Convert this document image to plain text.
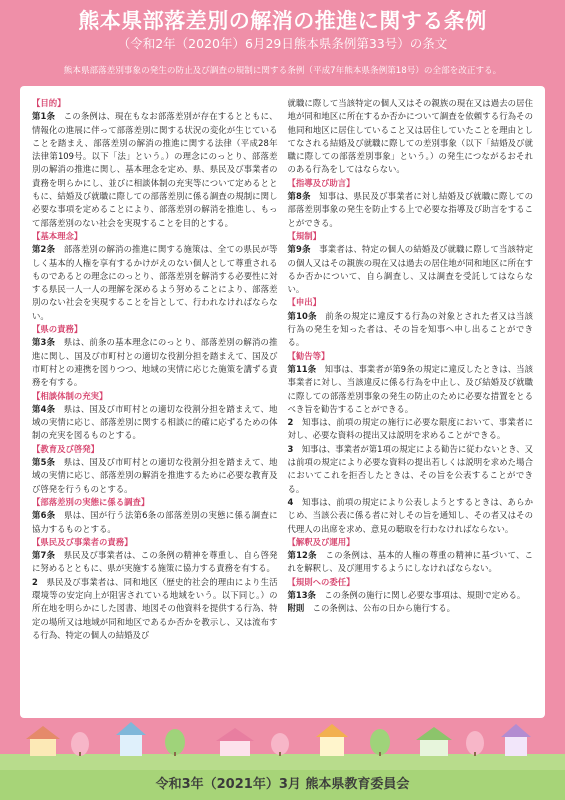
熊本県部落差別の解消の推進に関する条例
（令和2年（2020年）6月29日熊本県条例第33号）の条文
熊本県部落差別事象の発生の防止及び調査の規制に関する条例（平成7年熊本県条例第18号）の全部を改正する。

【目的】

第1条　この条例は、現在もなお部落差別が存在するとともに、情報化の進展に伴って部落差別に関する状況の変化が生じていることを踏まえ、部落差別の解消の推進に関する法律（平成28年法律第109号。以下「法」という。）の理念にのっとり、部落差別の解消の推進に関し、基本理念を定め、県、県民及び事業者の責務を明らかにし、並びに相談体制の充実等について定めるとともに、結婚及び就職に際しての部落差別に係る調査の規制に関し必要な事項を定めることにより、部落差別の解消を推進し、もって部落差別のない社会を実現することを目的とする。

【基本理念】

第2条　部落差別の解消の推進に関する施策は、全ての県民が等しく基本的人権を享有するかけがえのない個人として尊重されるものであるとの理念にのっとり、部落差別を解消する必要性に対する県民一人一人の理解を深めるよう努めることにより、部落差別のない社会を実現することを旨として、行われなければならない。

【県の責務】

第3条　県は、前条の基本理念にのっとり、部落差別の解消の推進に関し、国及び市町村との適切な役割分担を踏まえて、国及び市町村との連携を図りつつ、地域の実情に応じた施策を講ずる責務を有する。

【相談体制の充実】

第4条　県は、国及び市町村との適切な役割分担を踏まえて、地域の実情に応じ、部落差別に関する相談に的確に応ずるための体制の充実を図るものとする。

【教育及び啓発】

第5条　県は、国及び市町村との適切な役割分担を踏まえて、地域の実情に応じ、部落差別の解消を推進するために必要な教育及び啓発を行うものとする。

【部落差別の実態に係る調査】

第6条　県は、国が行う法第6条の部落差別の実態に係る調査に協力するものとする。

【県民及び事業者の責務】

第7条　県民及び事業者は、この条例の精神を尊重し、自ら啓発に努めるとともに、県が実施する施策に協力する責務を有する。

2　県民及び事業者は、同和地区（歴史的社会的理由により生活環境等の安定向上が阻害されている地域をいう。以下同じ。）の所在地を明らかにした図書、地図その他資料を提供する行為、特定の場所又は地域が同和地区であるか否かを教示し、又は流布する行為、特定の個人の結婚及び

就職に際して当該特定の個人又はその親族の現在又は過去の居住地が同和地区に所在するか否かについて調査を依頼する行為その他同和地区に居住していること又は居住していたことを理由としてなされる結婚及び就職に際しての差別事象（以下「結婚及び就職に際しての部落差別事象」という。）の発生につながるおそれのある行為をしてはならない。

【指導及び助言】

第8条　知事は、県民及び事業者に対し結婚及び就職に際しての部落差別事象の発生を防止する上で必要な指導及び助言をすることができる。

【規制】

第9条　事業者は、特定の個人の結婚及び就職に際して当該特定の個人又はその親族の現在又は過去の居住地が同和地区に所在するか否かについて、自ら調査し、又は調査を受託してはならない。

【申出】

第10条　前条の規定に違反する行為の対象とされた者又は当該行為の発生を知った者は、その旨を知事へ申し出ることができる。

【勧告等】

第11条　知事は、事業者が第9条の規定に違反したときは、当該事業者に対し、当該違反に係る行為を中止し、及び結婚及び就職に際しての部落差別事象の発生の防止のために必要な措置をとるべき旨を勧告することができる。

2　知事は、前項の規定の施行に必要な限度において、事業者に対し、必要な資料の提出又は説明を求めることができる。

3　知事は、事業者が第1項の規定による勧告に従わないとき、又は前項の規定により必要な資料の提出若しくは説明を求めた場合においてこれを拒否したときは、その旨を公表することができる。

4　知事は、前項の規定により公表しようとするときは、あらかじめ、当該公表に係る者に対しその旨を通知し、その者又はその代理人の出席を求め、意見の聴取を行わなければならない。

【解釈及び運用】

第12条　この条例は、基本的人権の尊重の精神に基づいて、これを解釈し、及び運用するようにしなければならない。

【規則への委任】

第13条　この条例の施行に関し必要な事項は、規則で定める。

附則　この条例は、公布の日から施行する。

令和3年（2021年）3月 熊本県教育委員会
